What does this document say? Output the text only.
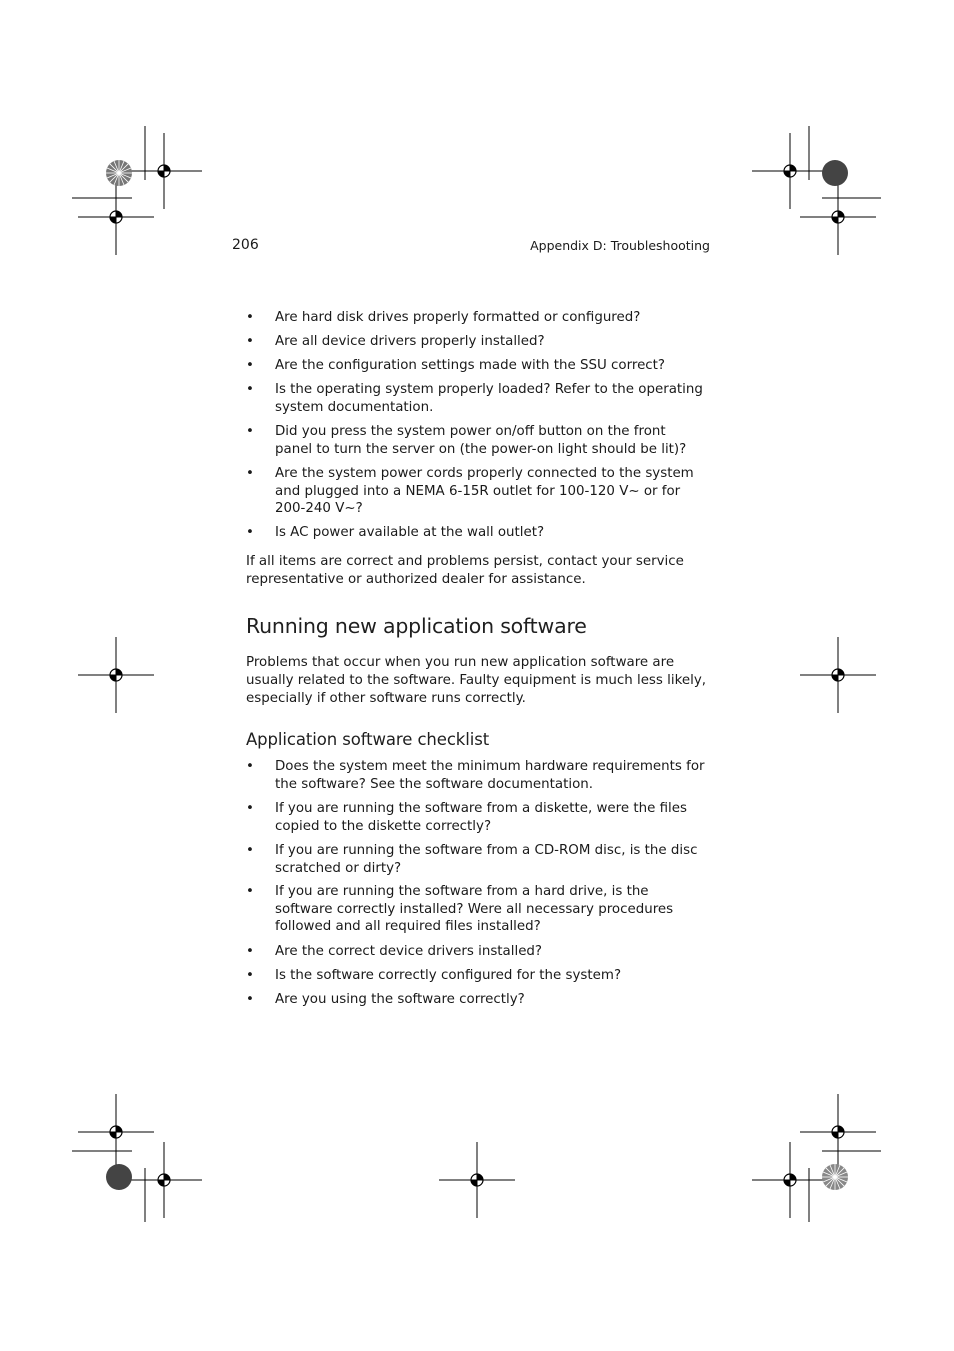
206	Appendix D: Troubleshooting
•	Are hard disk drives properly formatted or configured?
•	Are all device drivers properly installed?
•	Are the configuration settings made with the SSU correct?
•	Is the operating system properly loaded? Refer to the operating system documentation.
•	Did you press the system power on/off button on the front panel to turn the server on (the power-on light should be lit)?
•	Are the system power cords properly connected to the system and plugged into a NEMA 6-15R outlet for 100-120 V~ or for 200-240 V~?
•	Is AC power available at the wall outlet?

If all items are correct and problems persist, contact your service representative or authorized dealer for assistance.

Running new application software

Problems that occur when you run new application software are usually related to the software. Faulty equipment is much less likely, especially if other software runs correctly.

Application software checklist
•	Does the system meet the minimum hardware requirements for the software? See the software documentation.
•	If you are running the software from a diskette, were the files copied to the diskette correctly?
•	If you are running the software from a CD-ROM disc, is the disc scratched or dirty?
•	If you are running the software from a hard drive, is the software correctly installed? Were all necessary procedures followed and all required files installed?
•	Are the correct device drivers installed?
•	Is the software correctly configured for the system?
•	Are you using the software correctly?
